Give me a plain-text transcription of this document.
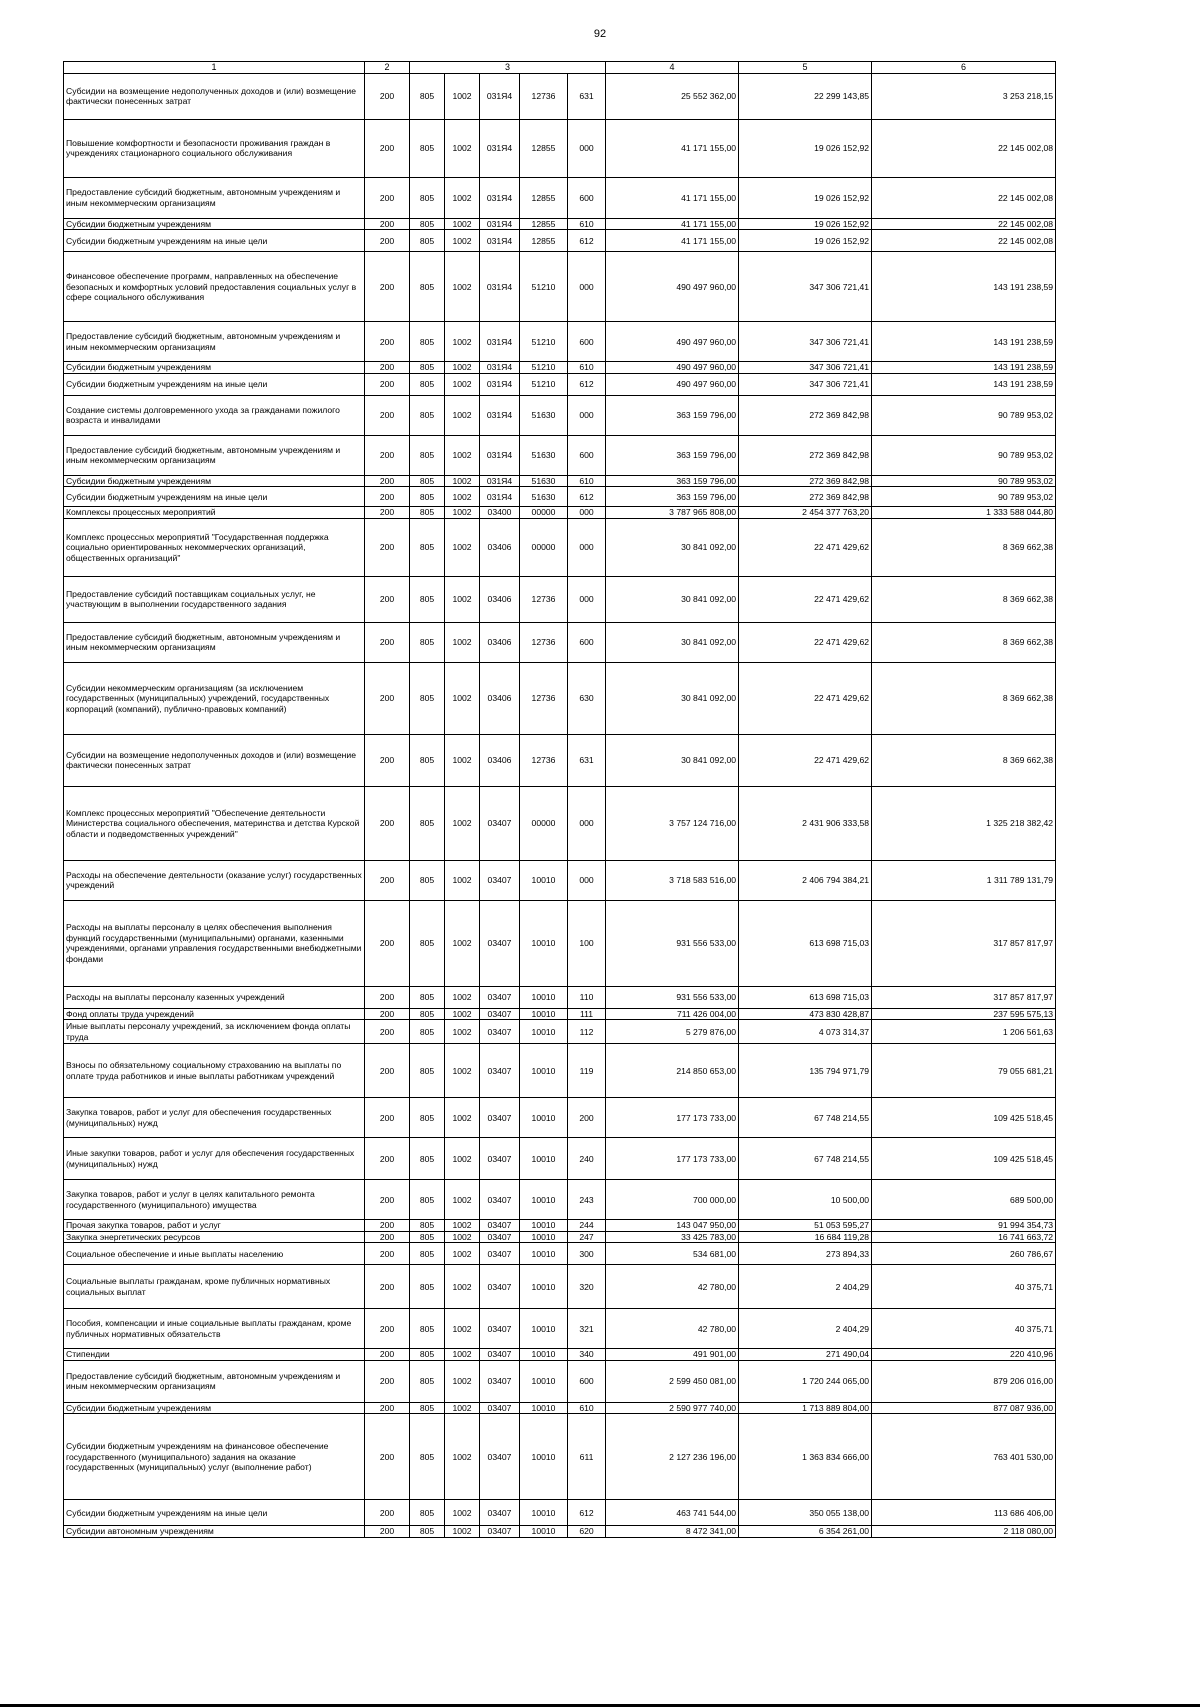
92
1	2	3					4	5	6
Субсидии на возмещение недополученных доходов и (или) возмещение фактически понесенных затрат	200	805	1002	031Я4	12736	631	25 552 362,00	22 299 143,85	3 253 218,15
Повышение комфортности и безопасности проживания граждан в учреждениях стационарного социального обслуживания	200	805	1002	031Я4	12855	000	41 171 155,00	19 026 152,92	22 145 002,08
Предоставление субсидий бюджетным, автономным учреждениям и иным некоммерческим организациям	200	805	1002	031Я4	12855	600	41 171 155,00	19 026 152,92	22 145 002,08
Субсидии бюджетным учреждениям	200	805	1002	031Я4	12855	610	41 171 155,00	19 026 152,92	22 145 002,08
Субсидии бюджетным учреждениям на иные цели	200	805	1002	031Я4	12855	612	41 171 155,00	19 026 152,92	22 145 002,08
Финансовое обеспечение программ, направленных на обеспечение безопасных и комфортных условий предоставления социальных услуг в сфере социального обслуживания	200	805	1002	031Я4	51210	000	490 497 960,00	347 306 721,41	143 191 238,59
Предоставление субсидий бюджетным, автономным учреждениям и иным некоммерческим организациям	200	805	1002	031Я4	51210	600	490 497 960,00	347 306 721,41	143 191 238,59
Субсидии бюджетным учреждениям	200	805	1002	031Я4	51210	610	490 497 960,00	347 306 721,41	143 191 238,59
Субсидии бюджетным учреждениям на иные цели	200	805	1002	031Я4	51210	612	490 497 960,00	347 306 721,41	143 191 238,59
Создание системы долговременного ухода за гражданами пожилого возраста и инвалидами	200	805	1002	031Я4	51630	000	363 159 796,00	272 369 842,98	90 789 953,02
Предоставление субсидий бюджетным, автономным учреждениям и иным некоммерческим организациям	200	805	1002	031Я4	51630	600	363 159 796,00	272 369 842,98	90 789 953,02
Субсидии бюджетным учреждениям	200	805	1002	031Я4	51630	610	363 159 796,00	272 369 842,98	90 789 953,02
Субсидии бюджетным учреждениям на иные цели	200	805	1002	031Я4	51630	612	363 159 796,00	272 369 842,98	90 789 953,02
Комплексы процессных мероприятий	200	805	1002	03400	00000	000	3 787 965 808,00	2 454 377 763,20	1 333 588 044,80
Комплекс процессных мероприятий "Государственная поддержка социально ориентированных некоммерческих организаций, общественных организаций"	200	805	1002	03406	00000	000	30 841 092,00	22 471 429,62	8 369 662,38
Предоставление субсидий поставщикам социальных услуг, не участвующим в выполнении государственного задания	200	805	1002	03406	12736	000	30 841 092,00	22 471 429,62	8 369 662,38
Предоставление субсидий бюджетным, автономным учреждениям и иным некоммерческим организациям	200	805	1002	03406	12736	600	30 841 092,00	22 471 429,62	8 369 662,38
Субсидии некоммерческим организациям (за исключением государственных (муниципальных) учреждений, государственных корпораций (компаний), публично-правовых компаний)	200	805	1002	03406	12736	630	30 841 092,00	22 471 429,62	8 369 662,38
Субсидии на возмещение недополученных доходов и (или) возмещение фактически понесенных затрат	200	805	1002	03406	12736	631	30 841 092,00	22 471 429,62	8 369 662,38
Комплекс процессных мероприятий "Обеспечение деятельности Министерства социального обеспечения, материнства и детства Курской области и подведомственных учреждений"	200	805	1002	03407	00000	000	3 757 124 716,00	2 431 906 333,58	1 325 218 382,42
Расходы на обеспечение деятельности (оказание услуг) государственных учреждений	200	805	1002	03407	10010	000	3 718 583 516,00	2 406 794 384,21	1 311 789 131,79
Расходы на выплаты персоналу в целях обеспечения выполнения функций государственными (муниципальными) органами, казенными учреждениями, органами управления государственными внебюджетными фондами	200	805	1002	03407	10010	100	931 556 533,00	613 698 715,03	317 857 817,97
Расходы на выплаты персоналу казенных учреждений	200	805	1002	03407	10010	110	931 556 533,00	613 698 715,03	317 857 817,97
Фонд оплаты труда учреждений	200	805	1002	03407	10010	111	711 426 004,00	473 830 428,87	237 595 575,13
Иные выплаты персоналу учреждений, за исключением фонда оплаты труда	200	805	1002	03407	10010	112	5 279 876,00	4 073 314,37	1 206 561,63
Взносы по обязательному социальному страхованию на выплаты по оплате труда работников и иные выплаты работникам учреждений	200	805	1002	03407	10010	119	214 850 653,00	135 794 971,79	79 055 681,21
Закупка товаров, работ и услуг для обеспечения государственных (муниципальных) нужд	200	805	1002	03407	10010	200	177 173 733,00	67 748 214,55	109 425 518,45
Иные закупки товаров, работ и услуг для обеспечения государственных (муниципальных) нужд	200	805	1002	03407	10010	240	177 173 733,00	67 748 214,55	109 425 518,45
Закупка товаров, работ и услуг в целях капитального ремонта государственного (муниципального) имущества	200	805	1002	03407	10010	243	700 000,00	10 500,00	689 500,00
Прочая закупка товаров, работ и услуг	200	805	1002	03407	10010	244	143 047 950,00	51 053 595,27	91 994 354,73
Закупка энергетических ресурсов	200	805	1002	03407	10010	247	33 425 783,00	16 684 119,28	16 741 663,72
Социальное обеспечение и иные выплаты населению	200	805	1002	03407	10010	300	534 681,00	273 894,33	260 786,67
Социальные выплаты гражданам, кроме публичных нормативных социальных выплат	200	805	1002	03407	10010	320	42 780,00	2 404,29	40 375,71
Пособия, компенсации и иные социальные выплаты гражданам, кроме публичных нормативных обязательств	200	805	1002	03407	10010	321	42 780,00	2 404,29	40 375,71
Стипендии	200	805	1002	03407	10010	340	491 901,00	271 490,04	220 410,96
Предоставление субсидий бюджетным, автономным учреждениям и иным некоммерческим организациям	200	805	1002	03407	10010	600	2 599 450 081,00	1 720 244 065,00	879 206 016,00
Субсидии бюджетным учреждениям	200	805	1002	03407	10010	610	2 590 977 740,00	1 713 889 804,00	877 087 936,00
Субсидии бюджетным учреждениям на финансовое обеспечение государственного (муниципального) задания на оказание государственных (муниципальных) услуг (выполнение работ)	200	805	1002	03407	10010	611	2 127 236 196,00	1 363 834 666,00	763 401 530,00
Субсидии бюджетным учреждениям на иные цели	200	805	1002	03407	10010	612	463 741 544,00	350 055 138,00	113 686 406,00
Субсидии автономным учреждениям	200	805	1002	03407	10010	620	8 472 341,00	6 354 261,00	2 118 080,00
